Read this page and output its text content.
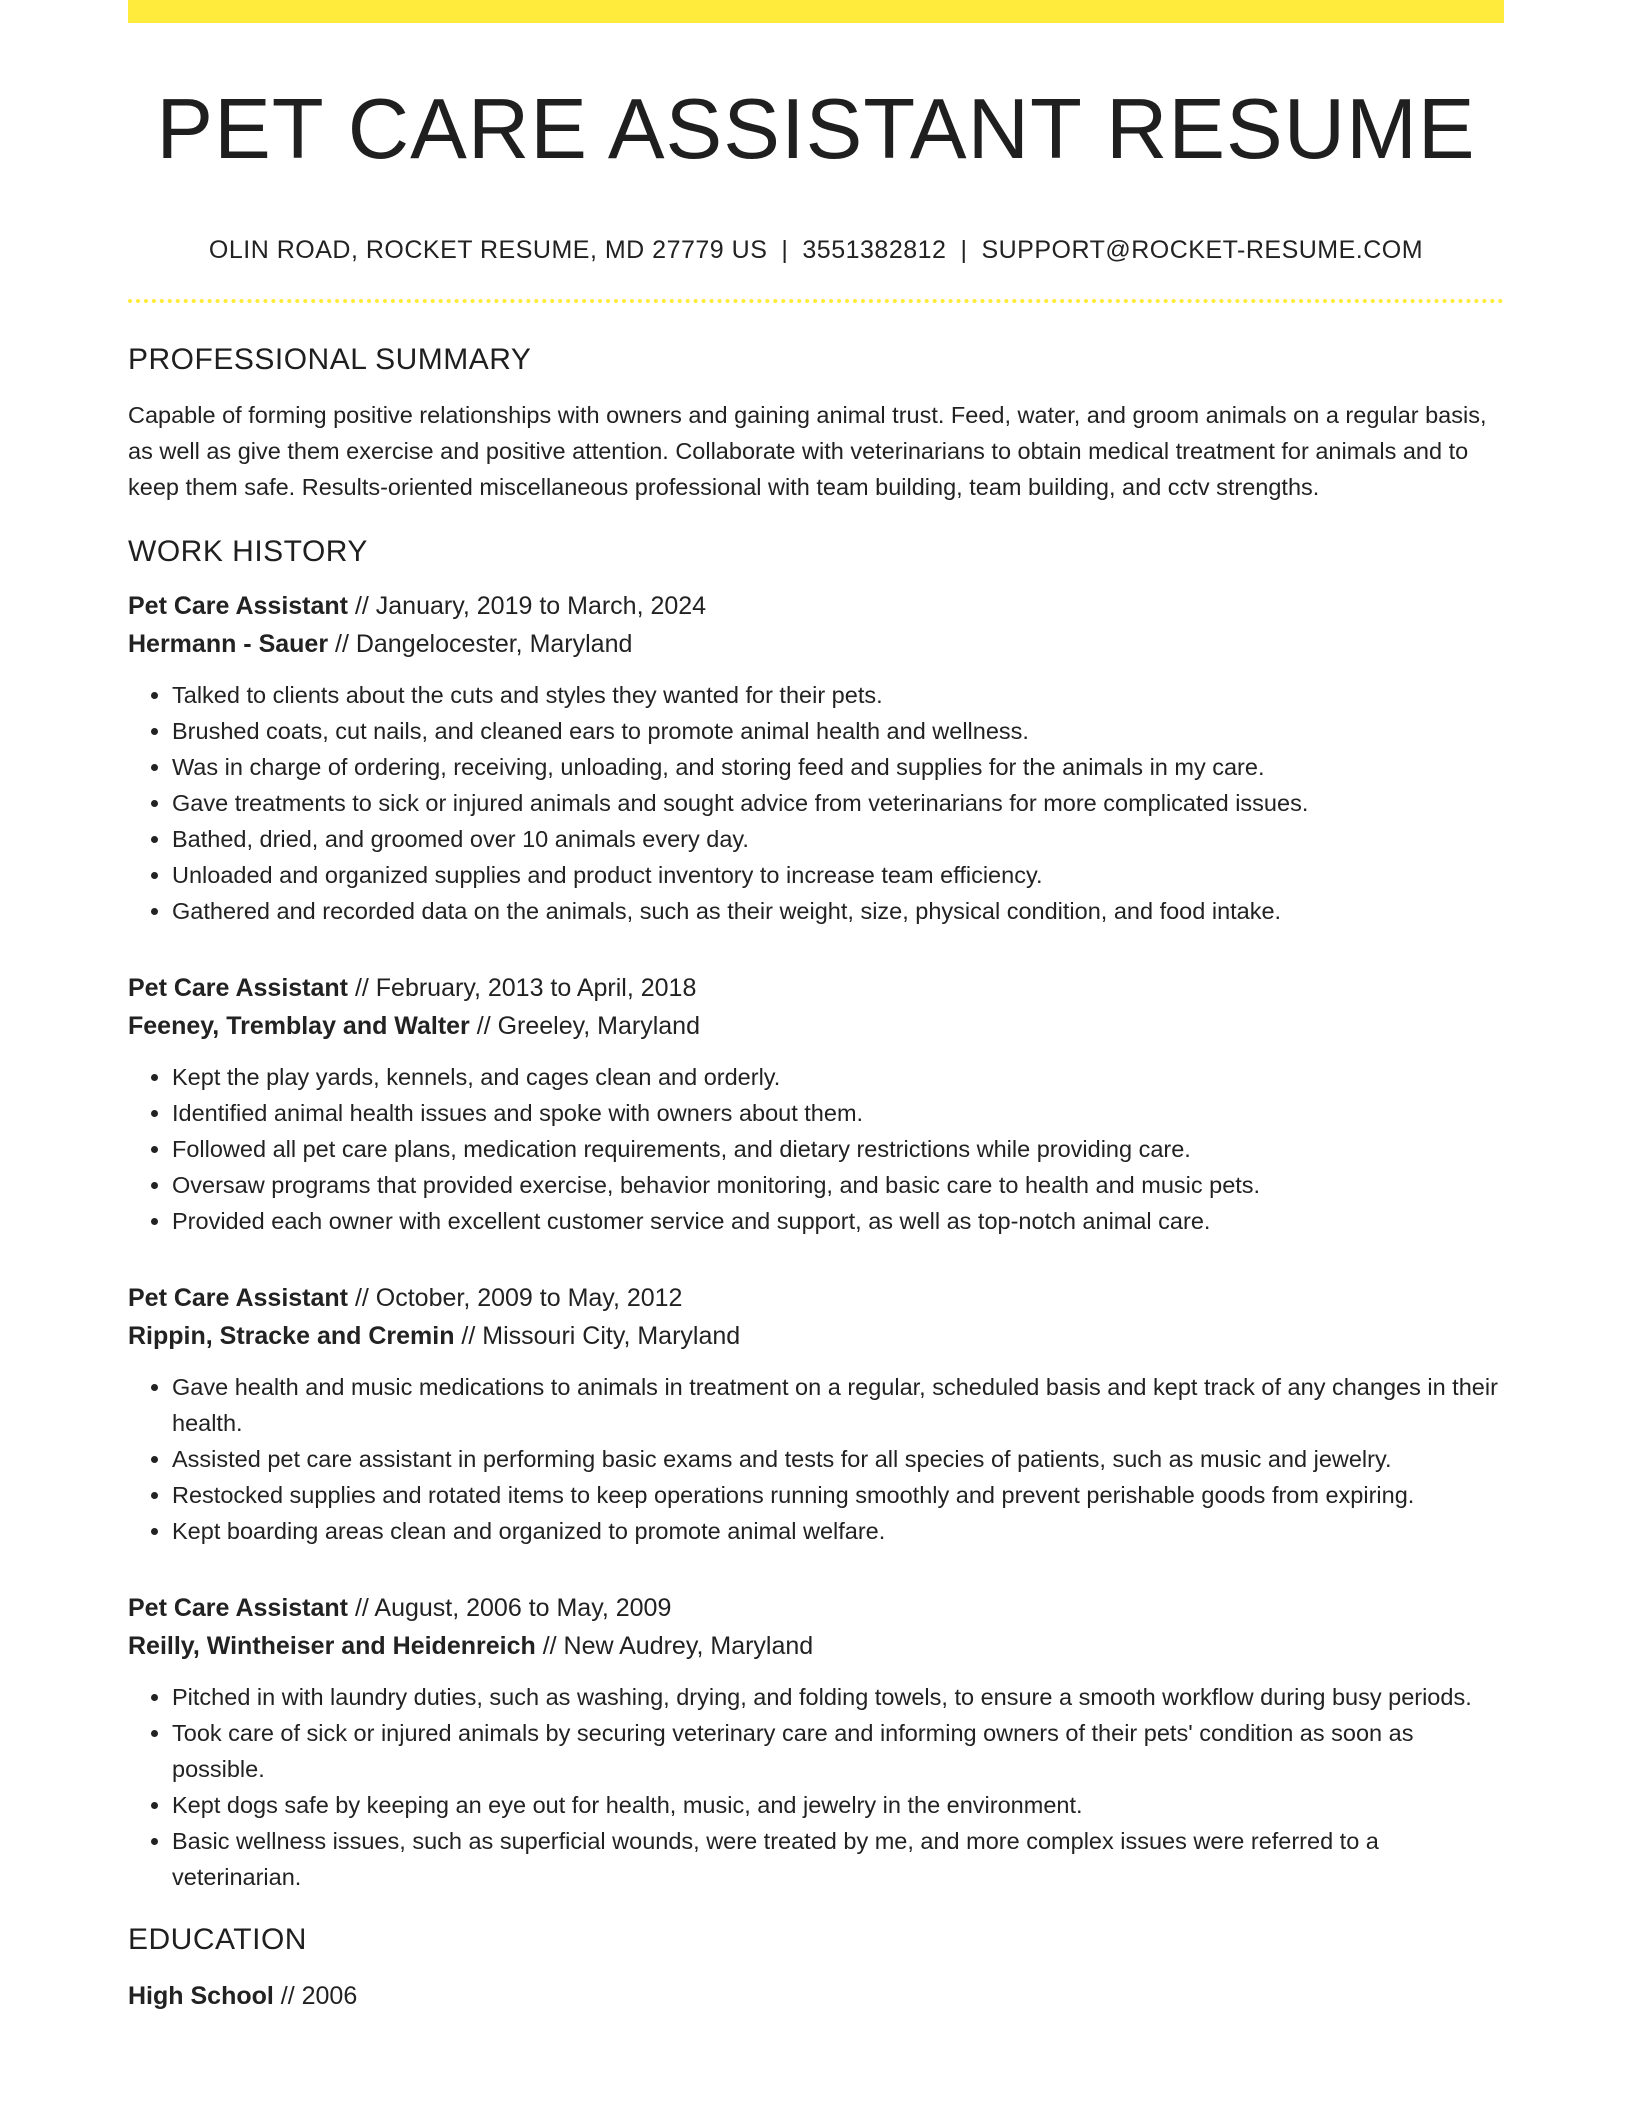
PET CARE ASSISTANT RESUME
OLIN ROAD, ROCKET RESUME, MD 27779 US | 3551382812 | SUPPORT@ROCKET-RESUME.COM
PROFESSIONAL SUMMARY

Capable of forming positive relationships with owners and gaining animal trust. Feed, water, and groom animals on a regular basis, as well as give them exercise and positive attention. Collaborate with veterinarians to obtain medical treatment for animals and to keep them safe. Results-oriented miscellaneous professional with team building, team building, and cctv strengths.

WORK HISTORY
Pet Care Assistant // January, 2019 to March, 2024
Hermann - Sauer // Dangelocester, Maryland
• Talked to clients about the cuts and styles they wanted for their pets.
• Brushed coats, cut nails, and cleaned ears to promote animal health and wellness.
• Was in charge of ordering, receiving, unloading, and storing feed and supplies for the animals in my care.
• Gave treatments to sick or injured animals and sought advice from veterinarians for more complicated issues.
• Bathed, dried, and groomed over 10 animals every day.
• Unloaded and organized supplies and product inventory to increase team efficiency.
• Gathered and recorded data on the animals, such as their weight, size, physical condition, and food intake.
Pet Care Assistant // February, 2013 to April, 2018
Feeney, Tremblay and Walter // Greeley, Maryland
• Kept the play yards, kennels, and cages clean and orderly.
• Identified animal health issues and spoke with owners about them.
• Followed all pet care plans, medication requirements, and dietary restrictions while providing care.
• Oversaw programs that provided exercise, behavior monitoring, and basic care to health and music pets.
• Provided each owner with excellent customer service and support, as well as top-notch animal care.
Pet Care Assistant // October, 2009 to May, 2012
Rippin, Stracke and Cremin // Missouri City, Maryland
• Gave health and music medications to animals in treatment on a regular, scheduled basis and kept track of any changes in their health.
• Assisted pet care assistant in performing basic exams and tests for all species of patients, such as music and jewelry.
• Restocked supplies and rotated items to keep operations running smoothly and prevent perishable goods from expiring.
• Kept boarding areas clean and organized to promote animal welfare.
Pet Care Assistant // August, 2006 to May, 2009
Reilly, Wintheiser and Heidenreich // New Audrey, Maryland
• Pitched in with laundry duties, such as washing, drying, and folding towels, to ensure a smooth workflow during busy periods.
• Took care of sick or injured animals by securing veterinary care and informing owners of their pets' condition as soon as possible.
• Kept dogs safe by keeping an eye out for health, music, and jewelry in the environment.
• Basic wellness issues, such as superficial wounds, were treated by me, and more complex issues were referred to a veterinarian.
EDUCATION
High School // 2006
